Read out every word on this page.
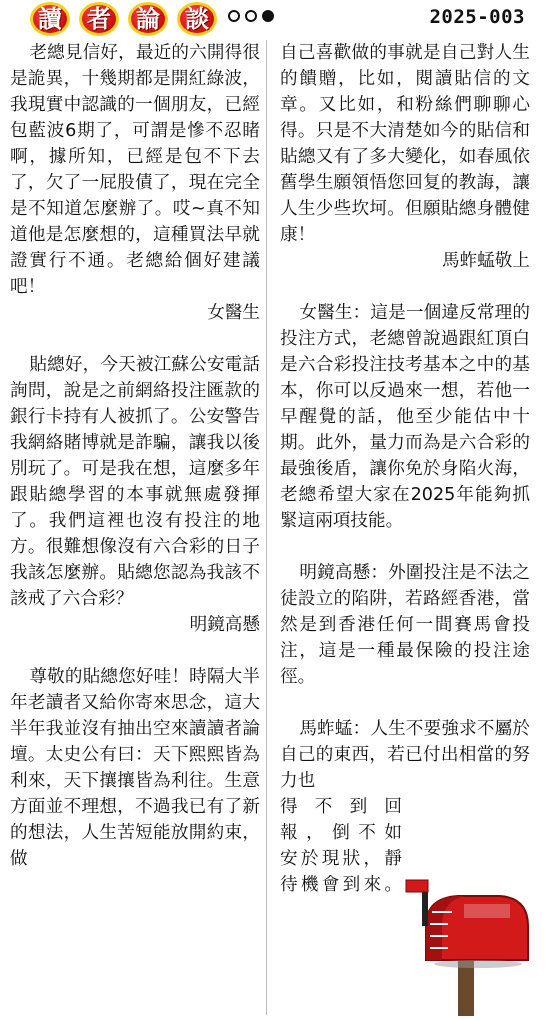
讀 者 論 談	2025-003

老總見信好，最近的六開得很是詭異，十幾期都是開紅綠波，我現實中認識的一個朋友，已經包藍波6期了，可謂是慘不忍睹啊，據所知，已經是包不下去了，欠了一屁股債了，現在完全是不知道怎麼辦了。哎~真不知道他是怎麼想的，這種買法早就證實行不通。老總給個好建議吧！

女醫生

貼總好，今天被江蘇公安電話詢問，說是之前網絡投注匯款的銀行卡持有人被抓了。公安警告我網絡賭博就是詐騙，讓我以後別玩了。可是我在想，這麼多年跟貼總學習的本事就無處發揮了。我們這裡也沒有投注的地方。很難想像沒有六合彩的日子我該怎麼辦。貼總您認為我該不該戒了六合彩？

明鏡高懸

尊敬的貼總您好哇！時隔大半年老讀者又給你寄來思念，這大半年我並沒有抽出空來讀讀者論壇。太史公有曰：天下熙熙皆為利來，天下攘攘皆為利往。生意方面並不理想，不過我已有了新的想法，人生苦短能放開約束，做

自己喜歡做的事就是自己對人生的饋贈，比如，閱讀貼信的文章。又比如，和粉絲們聊聊心得。只是不大清楚如今的貼信和貼總又有了多大變化，如春風依舊學生願領悟您回复的教誨，讓人生少些坎坷。但願貼總身體健康！

馬蚱蜢敬上

女醫生：這是一個違反常理的投注方式，老總曾說過跟紅頂白是六合彩投注技考基本之中的基本，你可以反過來一想，若他一早醒覺的話，他至少能估中十期。此外，量力而為是六合彩的最強後盾，讓你免於身陷火海，老總希望大家在2025年能夠抓緊這兩項技能。

明鏡高懸：外圍投注是不法之徒設立的陷阱，若路經香港，當然是到香港任何一間賽馬會投注，這是一種最保險的投注途徑。

馬蚱蜢：人生不要強求不屬於自己的東西，若已付出相當的努力也

得不到回

報，倒不如

安於現狀，靜

待機會到來。
